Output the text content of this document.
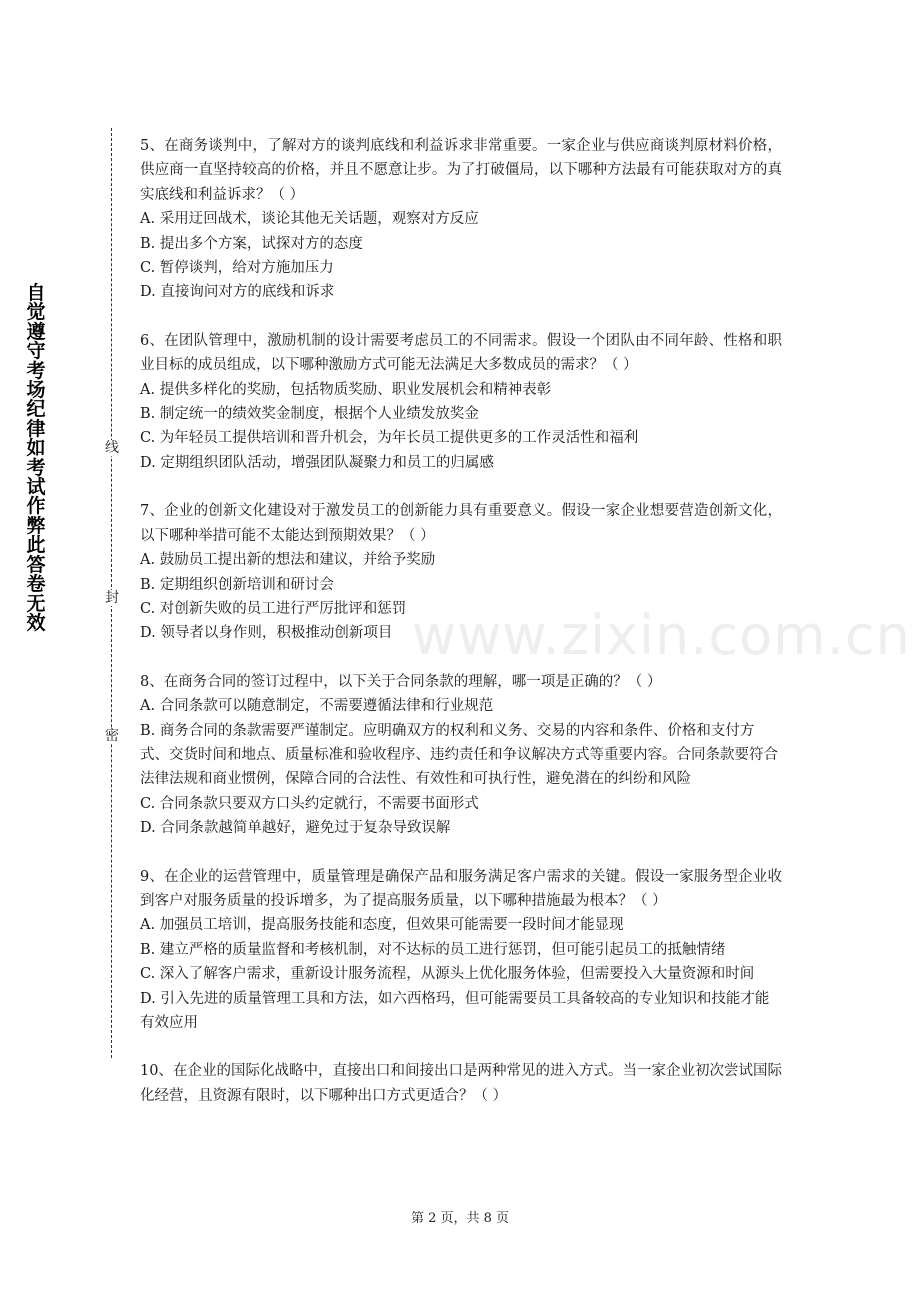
自觉遵守考场纪律如考试作弊此答卷无效
线
封
密
www.zixin.com.cn

5、在商务谈判中，了解对方的谈判底线和利益诉求非常重要。一家企业与供应商谈判原材料价格，供应商一直坚持较高的价格，并且不愿意让步。为了打破僵局，以下哪种方法最有可能获取对方的真实底线和利益诉求？（ ）

A. 采用迂回战术，谈论其他无关话题，观察对方反应

B. 提出多个方案，试探对方的态度

C. 暂停谈判，给对方施加压力

D. 直接询问对方的底线和诉求

6、在团队管理中，激励机制的设计需要考虑员工的不同需求。假设一个团队由不同年龄、性格和职业目标的成员组成，以下哪种激励方式可能无法满足大多数成员的需求？（ ）

A. 提供多样化的奖励，包括物质奖励、职业发展机会和精神表彰

B. 制定统一的绩效奖金制度，根据个人业绩发放奖金

C. 为年轻员工提供培训和晋升机会，为年长员工提供更多的工作灵活性和福利

D. 定期组织团队活动，增强团队凝聚力和员工的归属感

7、企业的创新文化建设对于激发员工的创新能力具有重要意义。假设一家企业想要营造创新文化，以下哪种举措可能不太能达到预期效果？（ ）

A. 鼓励员工提出新的想法和建议，并给予奖励

B. 定期组织创新培训和研讨会

C. 对创新失败的员工进行严厉批评和惩罚

D. 领导者以身作则，积极推动创新项目

8、在商务合同的签订过程中，以下关于合同条款的理解，哪一项是正确的？（ ）

A. 合同条款可以随意制定，不需要遵循法律和行业规范

B. 商务合同的条款需要严谨制定。应明确双方的权利和义务、交易的内容和条件、价格和支付方式、交货时间和地点、质量标准和验收程序、违约责任和争议解决方式等重要内容。合同条款要符合法律法规和商业惯例，保障合同的合法性、有效性和可执行性，避免潜在的纠纷和风险

C. 合同条款只要双方口头约定就行，不需要书面形式

D. 合同条款越简单越好，避免过于复杂导致误解

9、在企业的运营管理中，质量管理是确保产品和服务满足客户需求的关键。假设一家服务型企业收到客户对服务质量的投诉增多，为了提高服务质量，以下哪种措施最为根本？（ ）

A. 加强员工培训，提高服务技能和态度，但效果可能需要一段时间才能显现

B. 建立严格的质量监督和考核机制，对不达标的员工进行惩罚，但可能引起员工的抵触情绪

C. 深入了解客户需求，重新设计服务流程，从源头上优化服务体验，但需要投入大量资源和时间

D. 引入先进的质量管理工具和方法，如六西格玛，但可能需要员工具备较高的专业知识和技能才能有效应用

10、在企业的国际化战略中，直接出口和间接出口是两种常见的进入方式。当一家企业初次尝试国际化经营，且资源有限时，以下哪种出口方式更适合？（ ）

第 2 页，共 8 页
